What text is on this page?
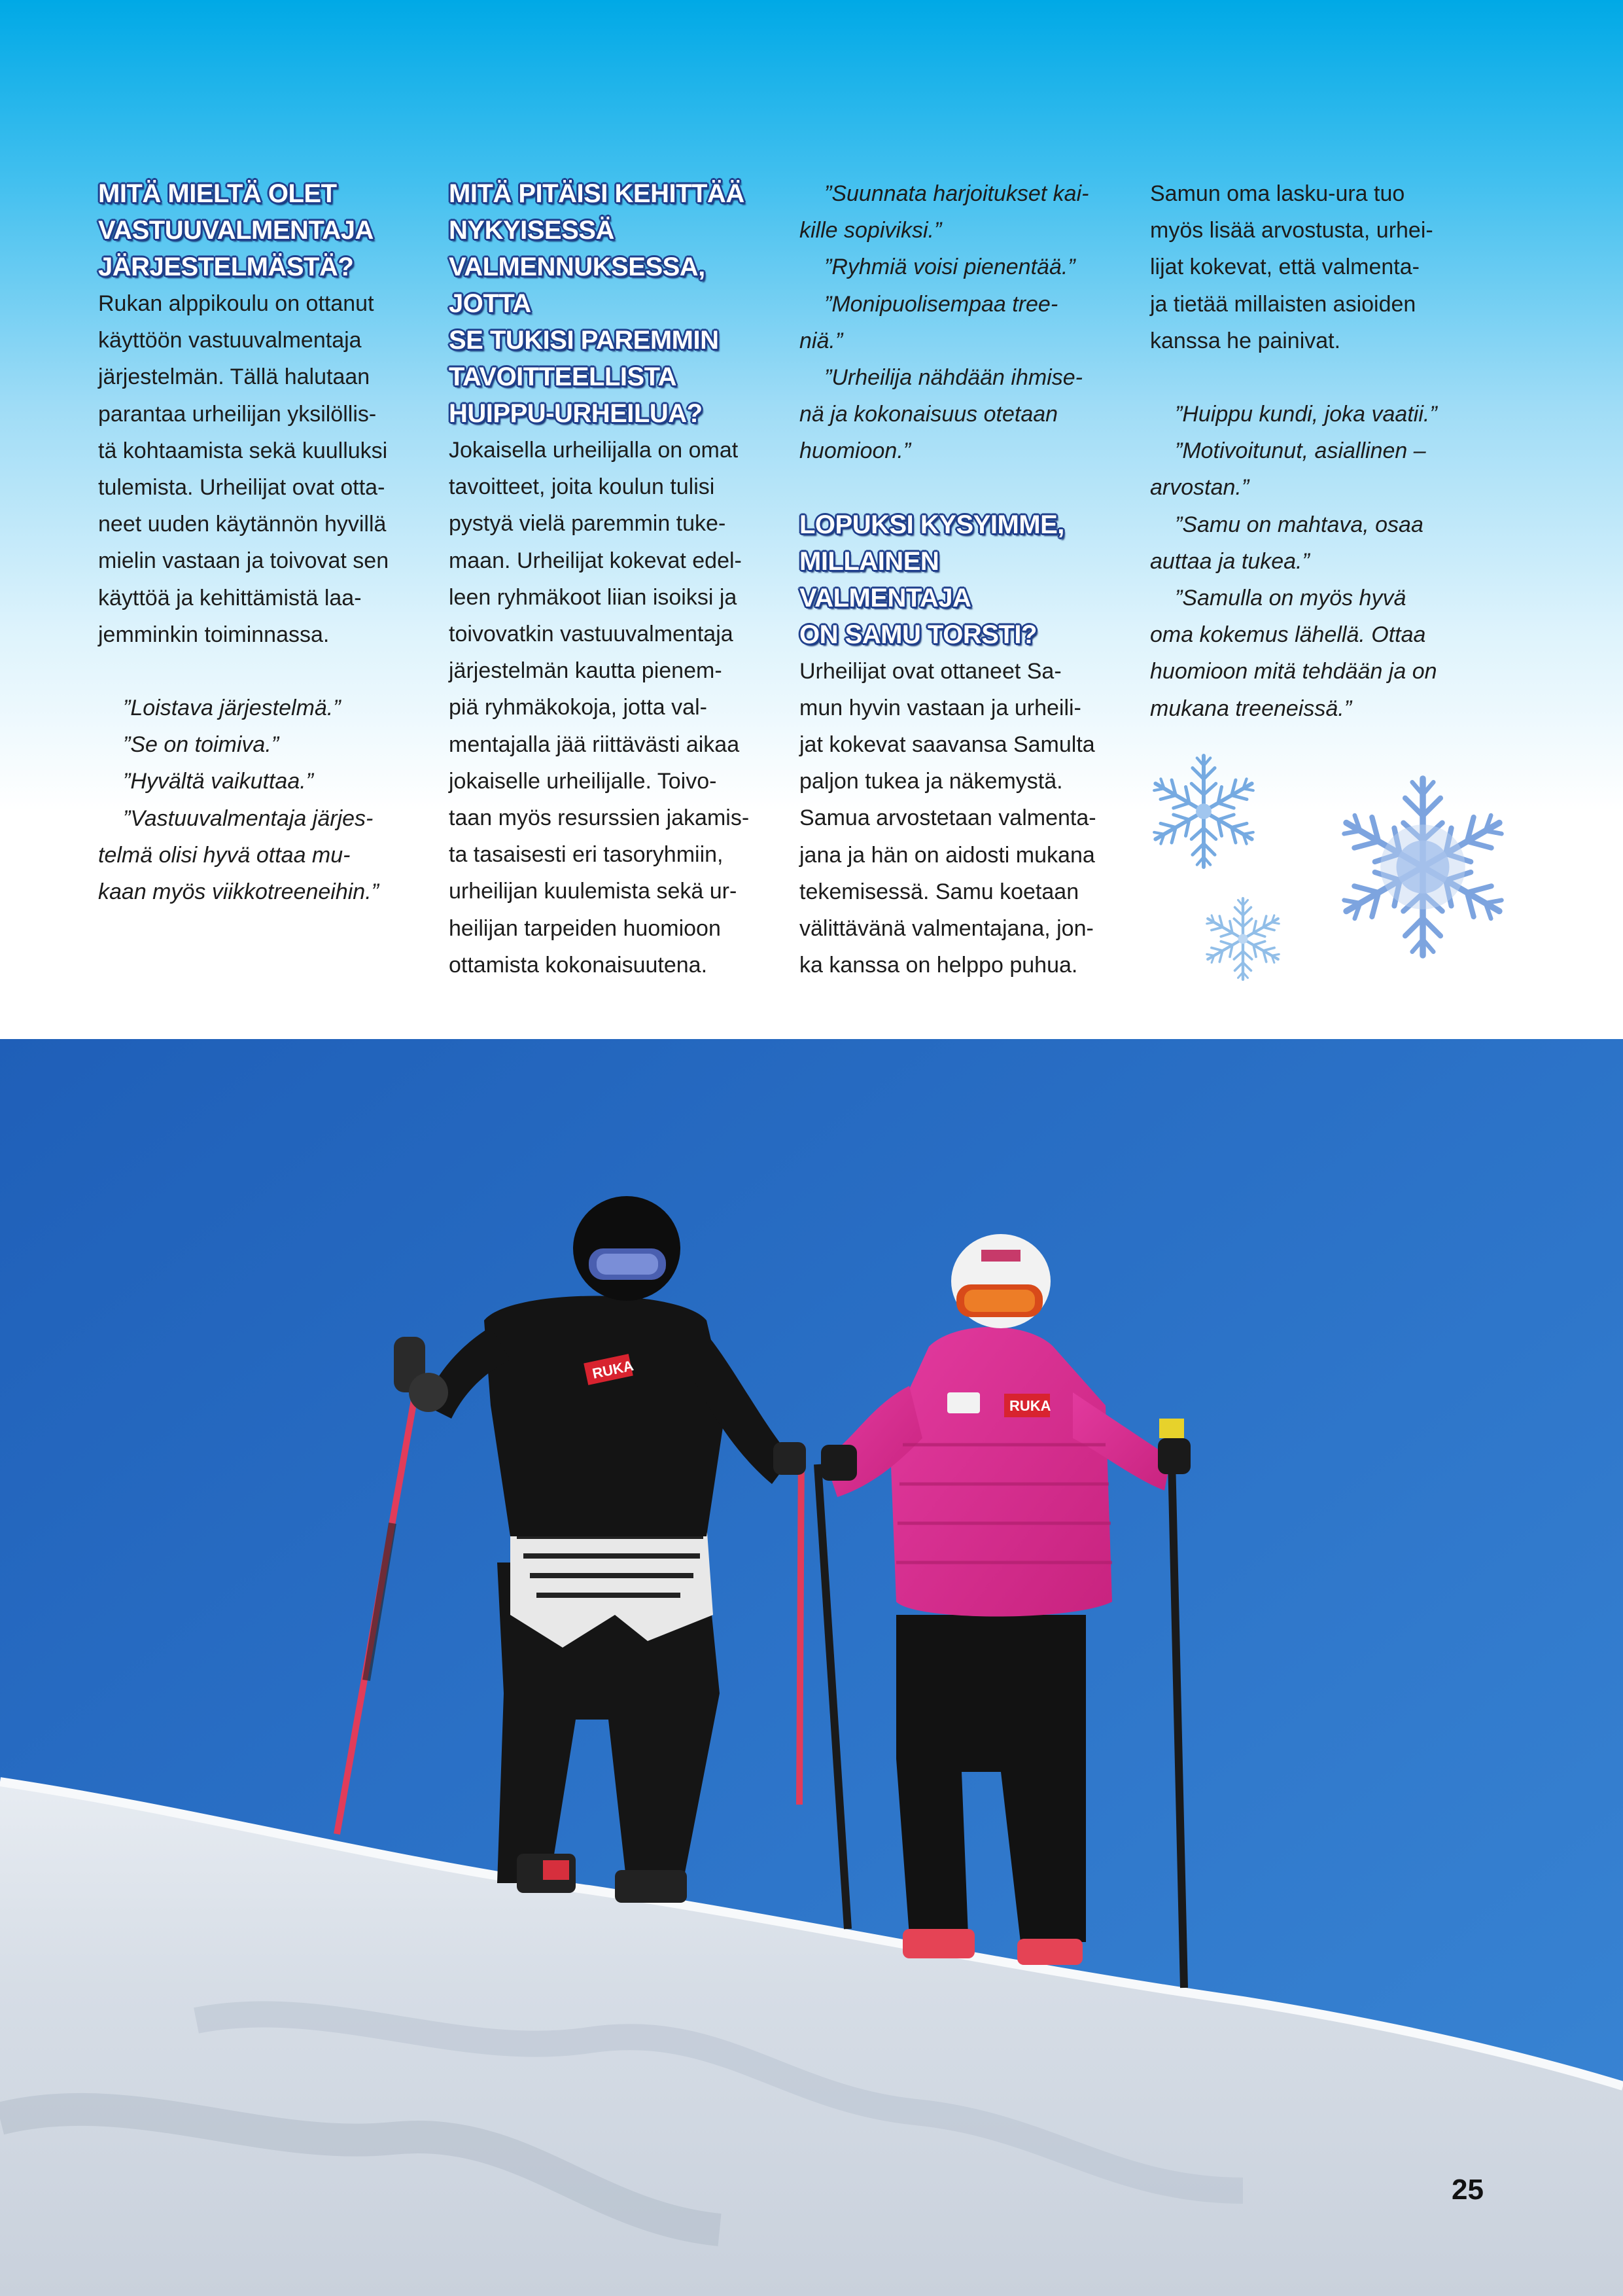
MITÄ MIELTÄ OLET
VASTUUVALMENTAJA
JÄRJESTELMÄSTÄ?

Rukan alppikoulu on ottanut
käyttöön vastuuvalmentaja
järjestelmän. Tällä halutaan
parantaa urheilijan yksilöllis-
tä kohtaamista sekä kuulluksi
tulemista. Urheilijat ovat otta-
neet uuden käytännön hyvillä
mielin vastaan ja toivovat sen
käyttöä ja kehittämistä laa-
jemminkin toiminnassa.

”Loistava järjestelmä.”

”Se on toimiva.”

”Hyvältä vaikuttaa.”

”Vastuuvalmentaja järjes-
telmä olisi hyvä ottaa mu-
kaan myös viikkotreeneihin.”

MITÄ PITÄISI KEHITTÄÄ
NYKYISESSÄ
VALMENNUKSESSA, JOTTA
SE TUKISI PAREMMIN
TAVOITTEELLISTA
HUIPPU-URHEILUA?

Jokaisella urheilijalla on omat
tavoitteet, joita koulun tulisi
pystyä vielä paremmin tuke-
maan. Urheilijat kokevat edel-
leen ryhmäkoot liian isoiksi ja
toivovatkin vastuuvalmentaja
järjestelmän kautta pienem-
piä ryhmäkokoja, jotta val-
mentajalla jää riittävästi aikaa
jokaiselle urheilijalle. Toivo-
taan myös resurssien jakamis-
ta tasaisesti eri tasoryhmiin,
urheilijan kuulemista sekä ur-
heilijan tarpeiden huomioon
ottamista kokonaisuutena.

”Suunnata harjoitukset kai-
kille sopiviksi.”
”Ryhmiä voisi pienentää.”
”Monipuolisempaa tree-
niä.”
”Urheilija nähdään ihmise-
nä ja kokonaisuus otetaan
huomioon.”

LOPUKSI KYSYIMME,
MILLAINEN VALMENTAJA
ON SAMU TORSTI?

Urheilijat ovat ottaneet Sa-
mun hyvin vastaan ja urheili-
jat kokevat saavansa Samulta
paljon tukea ja näkemystä.
Samua arvostetaan valmenta-
jana ja hän on aidosti mukana
tekemisessä. Samu koetaan
välittävänä valmentajana, jon-
ka kanssa on helppo puhua.

Samun oma lasku-ura tuo
myös lisää arvostusta, urhei-
lijat kokevat, että valmenta-
ja tietää millaisten asioiden
kanssa he painivat.

”Huippu kundi, joka vaatii.”
”Motivoitunut, asiallinen –
arvostan.”
”Samu on mahtava, osaa
auttaa ja tukea.”
”Samulla on myös hyvä
oma kokemus lähellä. Ottaa
huomioon mitä tehdään ja on
mukana treeneissä.”

RUKA
RUKA
25
